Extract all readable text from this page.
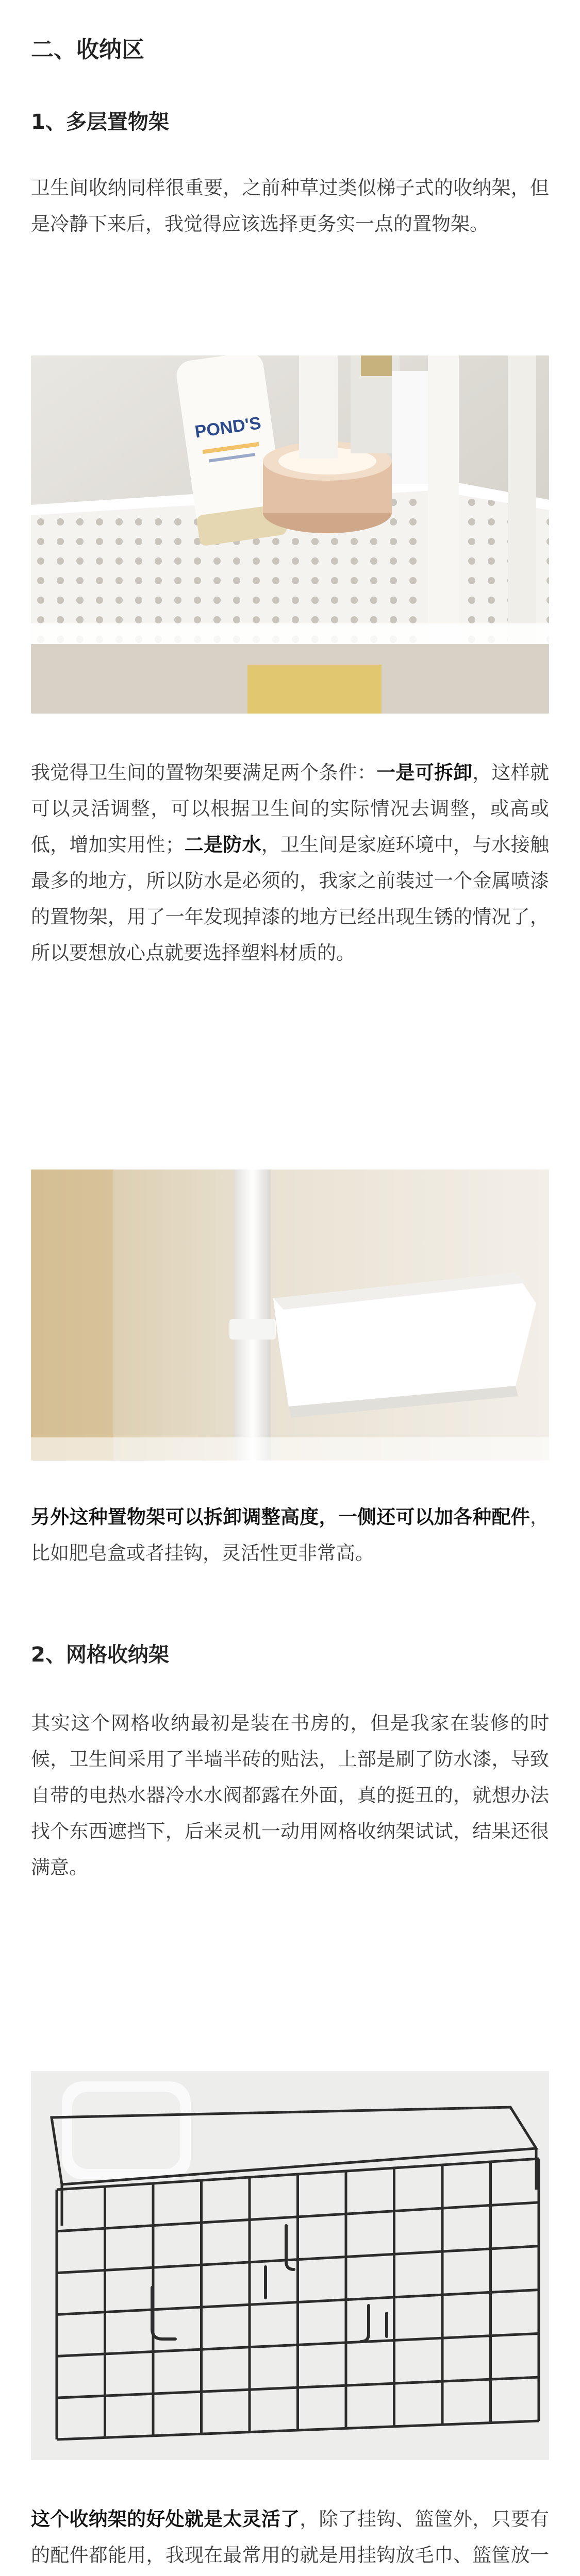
二、收纳区
1、多层置物架

卫生间收纳同样很重要，之前种草过类似梯子式的收纳架，但是冷静下来后，我觉得应该选择更务实一点的置物架。

POND'S

我觉得卫生间的置物架要满足两个条件：一是可拆卸，这样就可以灵活调整，可以根据卫生间的实际情况去调整，或高或低，增加实用性；二是防水，卫生间是家庭环境中，与水接触最多的地方，所以防水是必须的，我家之前装过一个金属喷漆的置物架，用了一年发现掉漆的地方已经出现生锈的情况了，所以要想放心点就要选择塑料材质的。

另外这种置物架可以拆卸调整高度，一侧还可以加各种配件，比如肥皂盒或者挂钩，灵活性更非常高。

2、网格收纳架

其实这个网格收纳最初是装在书房的，但是我家在装修的时候，卫生间采用了半墙半砖的贴法，上部是刷了防水漆，导致自带的电热水器冷水水阀都露在外面，真的挺丑的，就想办法找个东西遮挡下，后来灵机一动用网格收纳架试试，结果还很满意。

这个收纳架的好处就是太灵活了，除了挂钩、篮筐外，只要有的配件都能用，我现在最常用的就是用挂钩放毛巾、篮筐放一
